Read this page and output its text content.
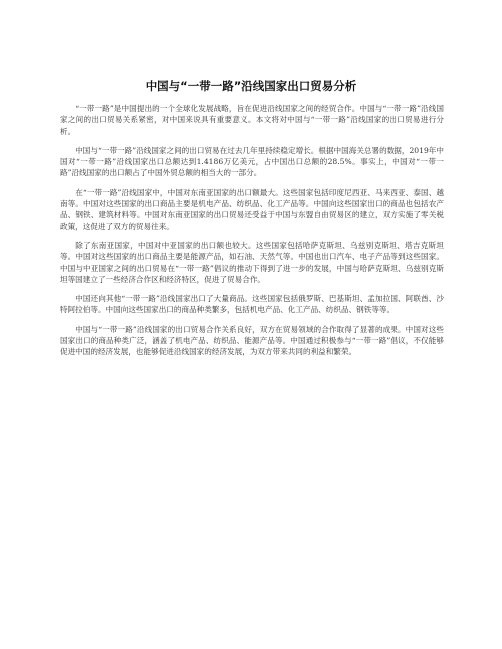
中国与“一带一路”沿线国家出口贸易分析

“一带一路”是中国提出的一个全球化发展战略，旨在促进沿线国家之间的经贸合作。中国与“一带一路”沿线国家之间的出口贸易关系紧密，对中国来说具有重要意义。本文将对中国与“一带一路”沿线国家的出口贸易进行分析。

中国与“一带一路”沿线国家之间的出口贸易在过去几年里持续稳定增长。根据中国海关总署的数据，2019年中国对“一带一路”沿线国家出口总额达到1.4186万亿美元，占中国出口总额的28.5%。事实上，中国对“一带一路”沿线国家的出口额占了中国外贸总额的相当大的一部分。

在“一带一路”沿线国家中，中国对东南亚国家的出口额最大。这些国家包括印度尼西亚、马来西亚、泰国、越南等。中国对这些国家的出口商品主要是机电产品、纺织品、化工产品等。中国向这些国家出口的商品也包括农产品、钢铁、建筑材料等。中国对东南亚国家的出口贸易还受益于中国与东盟自由贸易区的建立，双方实施了零关税政策，这促进了双方的贸易往来。

除了东南亚国家，中国对中亚国家的出口额也较大。这些国家包括哈萨克斯坦、乌兹别克斯坦、塔吉克斯坦等。中国对这些国家的出口商品主要是能源产品，如石油、天然气等。中国也出口汽车、电子产品等到这些国家。中国与中亚国家之间的出口贸易在“一带一路”倡议的推动下得到了进一步的发展，中国与哈萨克斯坦、乌兹别克斯坦等国建立了一些经济合作区和经济特区，促进了贸易合作。

中国还向其他“一带一路”沿线国家出口了大量商品。这些国家包括俄罗斯、巴基斯坦、孟加拉国、阿联酋、沙特阿拉伯等。中国向这些国家出口的商品种类繁多，包括机电产品、化工产品、纺织品、钢铁等等。

中国与“一带一路”沿线国家的出口贸易合作关系良好，双方在贸易领域的合作取得了显著的成果。中国对这些国家出口的商品种类广泛，涵盖了机电产品、纺织品、能源产品等。中国通过积极参与“一带一路”倡议，不仅能够促进中国的经济发展，也能够促进沿线国家的经济发展，为双方带来共同的利益和繁荣。
